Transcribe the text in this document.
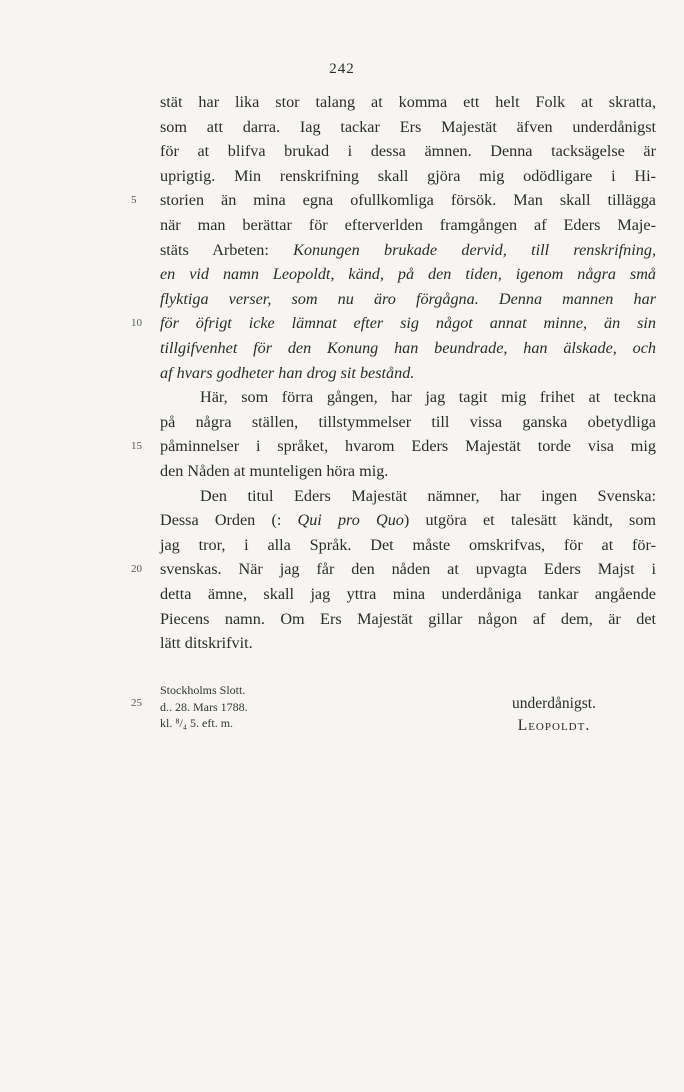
242
stät har lika stor talang at komma ett helt Folk at skratta,
som att darra. Iag tackar Ers Majestät äfven underdånigst
för at blifva brukad i dessa ämnen. Denna tacksägelse är
uprigtig. Min renskrifning skall gjöra mig odödligare i Hi-
storien än mina egna ofullkomliga försök. Man skall tillägga
5
när man berättar för efterverlden framgången af Eders Maje-
stäts Arbeten: Konungen brukade dervid, till renskrifning,
en vid namn Leopoldt, känd, på den tiden, igenom några små
flyktiga verser, som nu äro förgågna. Denna mannen har
för öfrigt icke lämnat efter sig något annat minne, än sin
10
tillgifvenhet för den Konung han beundrade, han älskade, och
af hvars godheter han drog sit bestånd.
Här, som förra gången, har jag tagit mig frihet at teckna
på några ställen, tillstymmelser till vissa ganska obetydliga
påminnelser i språket, hvarom Eders Majestät torde visa mig
15
den Nåden at munteligen höra mig.
Den titul Eders Majestät nämner, har ingen Svenska:
Dessa Orden (: Qui pro Quo) utgöra et talesätt kändt, som
jag tror, i alla Språk. Det måste omskrifvas, för at för-
svenskas. När jag får den nåden at upvagta Eders Majst i
20
detta ämne, skall jag yttra mina underdåniga tankar angående
Piecens namn. Om Ers Majestät gillar någon af dem, är det
lätt ditskrifvit.
Stockholms Slott.
25	d.. 28. Mars 1788.
kl. ⁸/₄ 5. eft. m.
underdånigst.
Leopoldt.
